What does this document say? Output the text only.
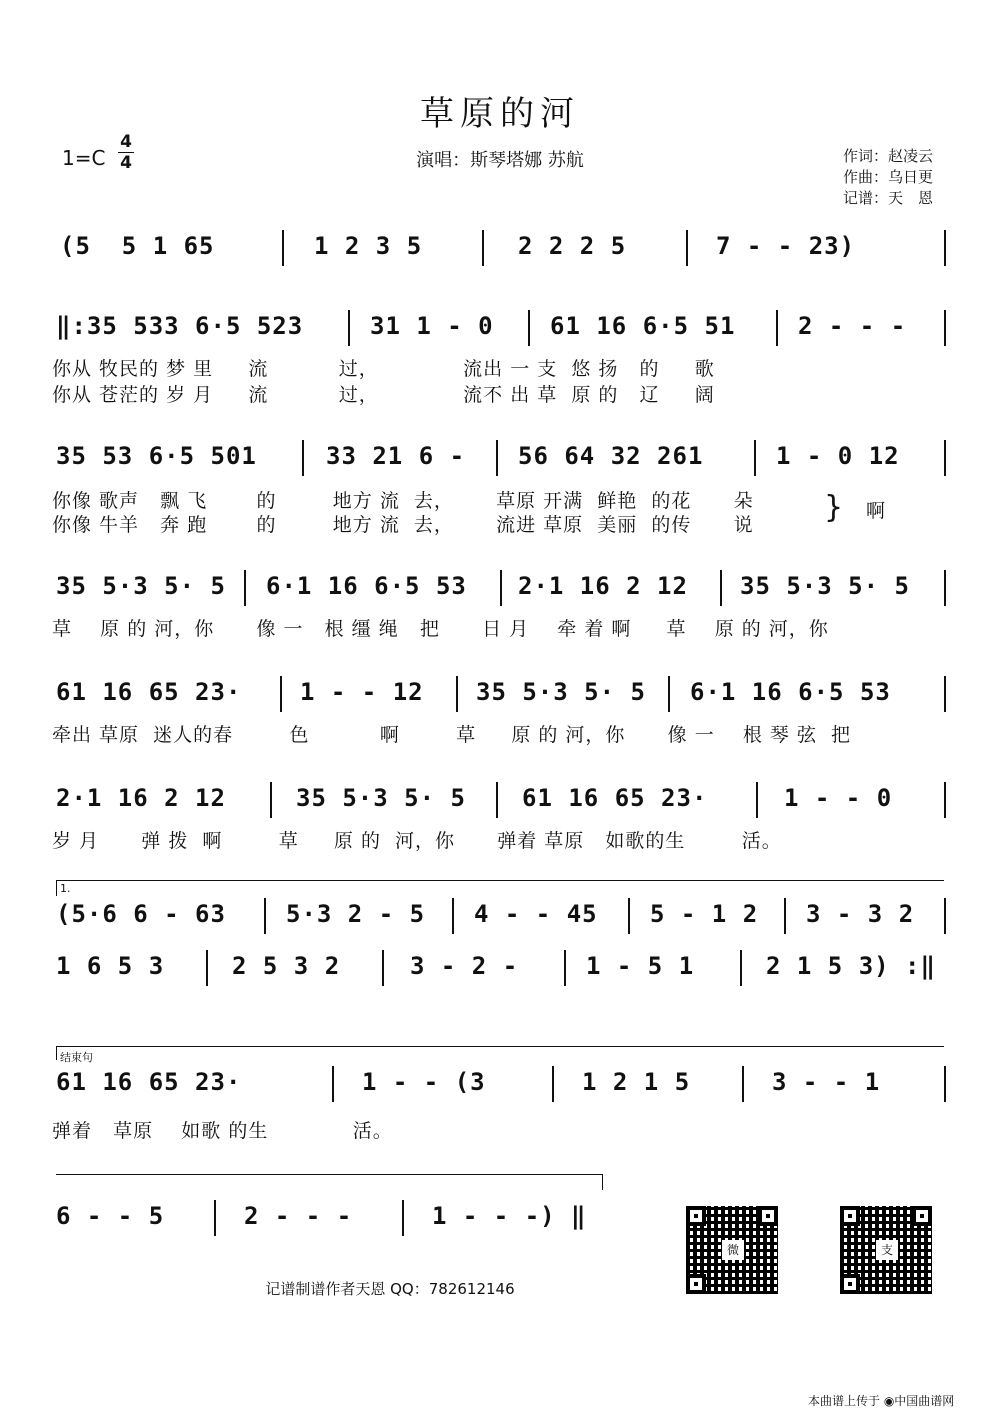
草原的河
$1=C \frac{4}{4}$	演唱：斯琴塔娜 苏航	作词：赵凌云
作曲：乌日更
记谱：天　恩

(5  5 1 65

	1 2 3 5

	2 2 2 5

	7 - - 23)

‖:35 533 6·5 523

	31 1 - 0

61 16 6·5 51

	2 - - -

你从 牧民的 梦 里     流          过，            流出 一 支  悠 扬   的     歌
你从 苍茫的 岁 月     流          过，            流不 出 草  原 的   辽     阔

35 53 6·5 501

	33 21 6 -

56 64 32 261

	1 - 0 12

你像 歌声   飘 飞       的        地方 流  去，      草原 开满  鲜艳  的花      朵
你像 牛羊   奔 跑       的        地方 流  去，      流进 草原  美丽  的传      说 } 啊

35 5·3 5· 5

6·1 16 6·5 53

2·1 16 2 12

35 5·3 5· 5

草    原 的 河，你      像 一   根 缰 绳   把      日 月    牵 着 啊     草    原 的 河，你

61 16 65 23·

1 - - 12

35 5·3 5· 5

6·1 16 6·5 53

牵出 草原  迷人的春        色          啊        草     原 的 河，你      像 一    根 琴 弦  把

2·1 16 2 12

	35 5·3 5· 5

61 16 65 23·

	1 - - 0

岁 月      弹 拨  啊        草     原 的  河，你      弹着 草原   如歌的生        活。
1.

(5·6 6 - 63

	5·3 2 - 5

4 - - 45

5 - 1 2

3 - 3 2

1 6 5 3

	2 5 3 2

	3 - 2 -

	1 - 5 1

	2 1 5 3) :‖

结束句

61 16 65 23·

	1 - - (3

	1 2 1 5

	3 - - 1

弹着   草原    如歌 的生            活。

6 - - 5

	2 - - -

	1 - - -) ‖

微	支
记谱制谱作者天恩 QQ：782612146
本曲谱上传于 ◉中国曲谱网
